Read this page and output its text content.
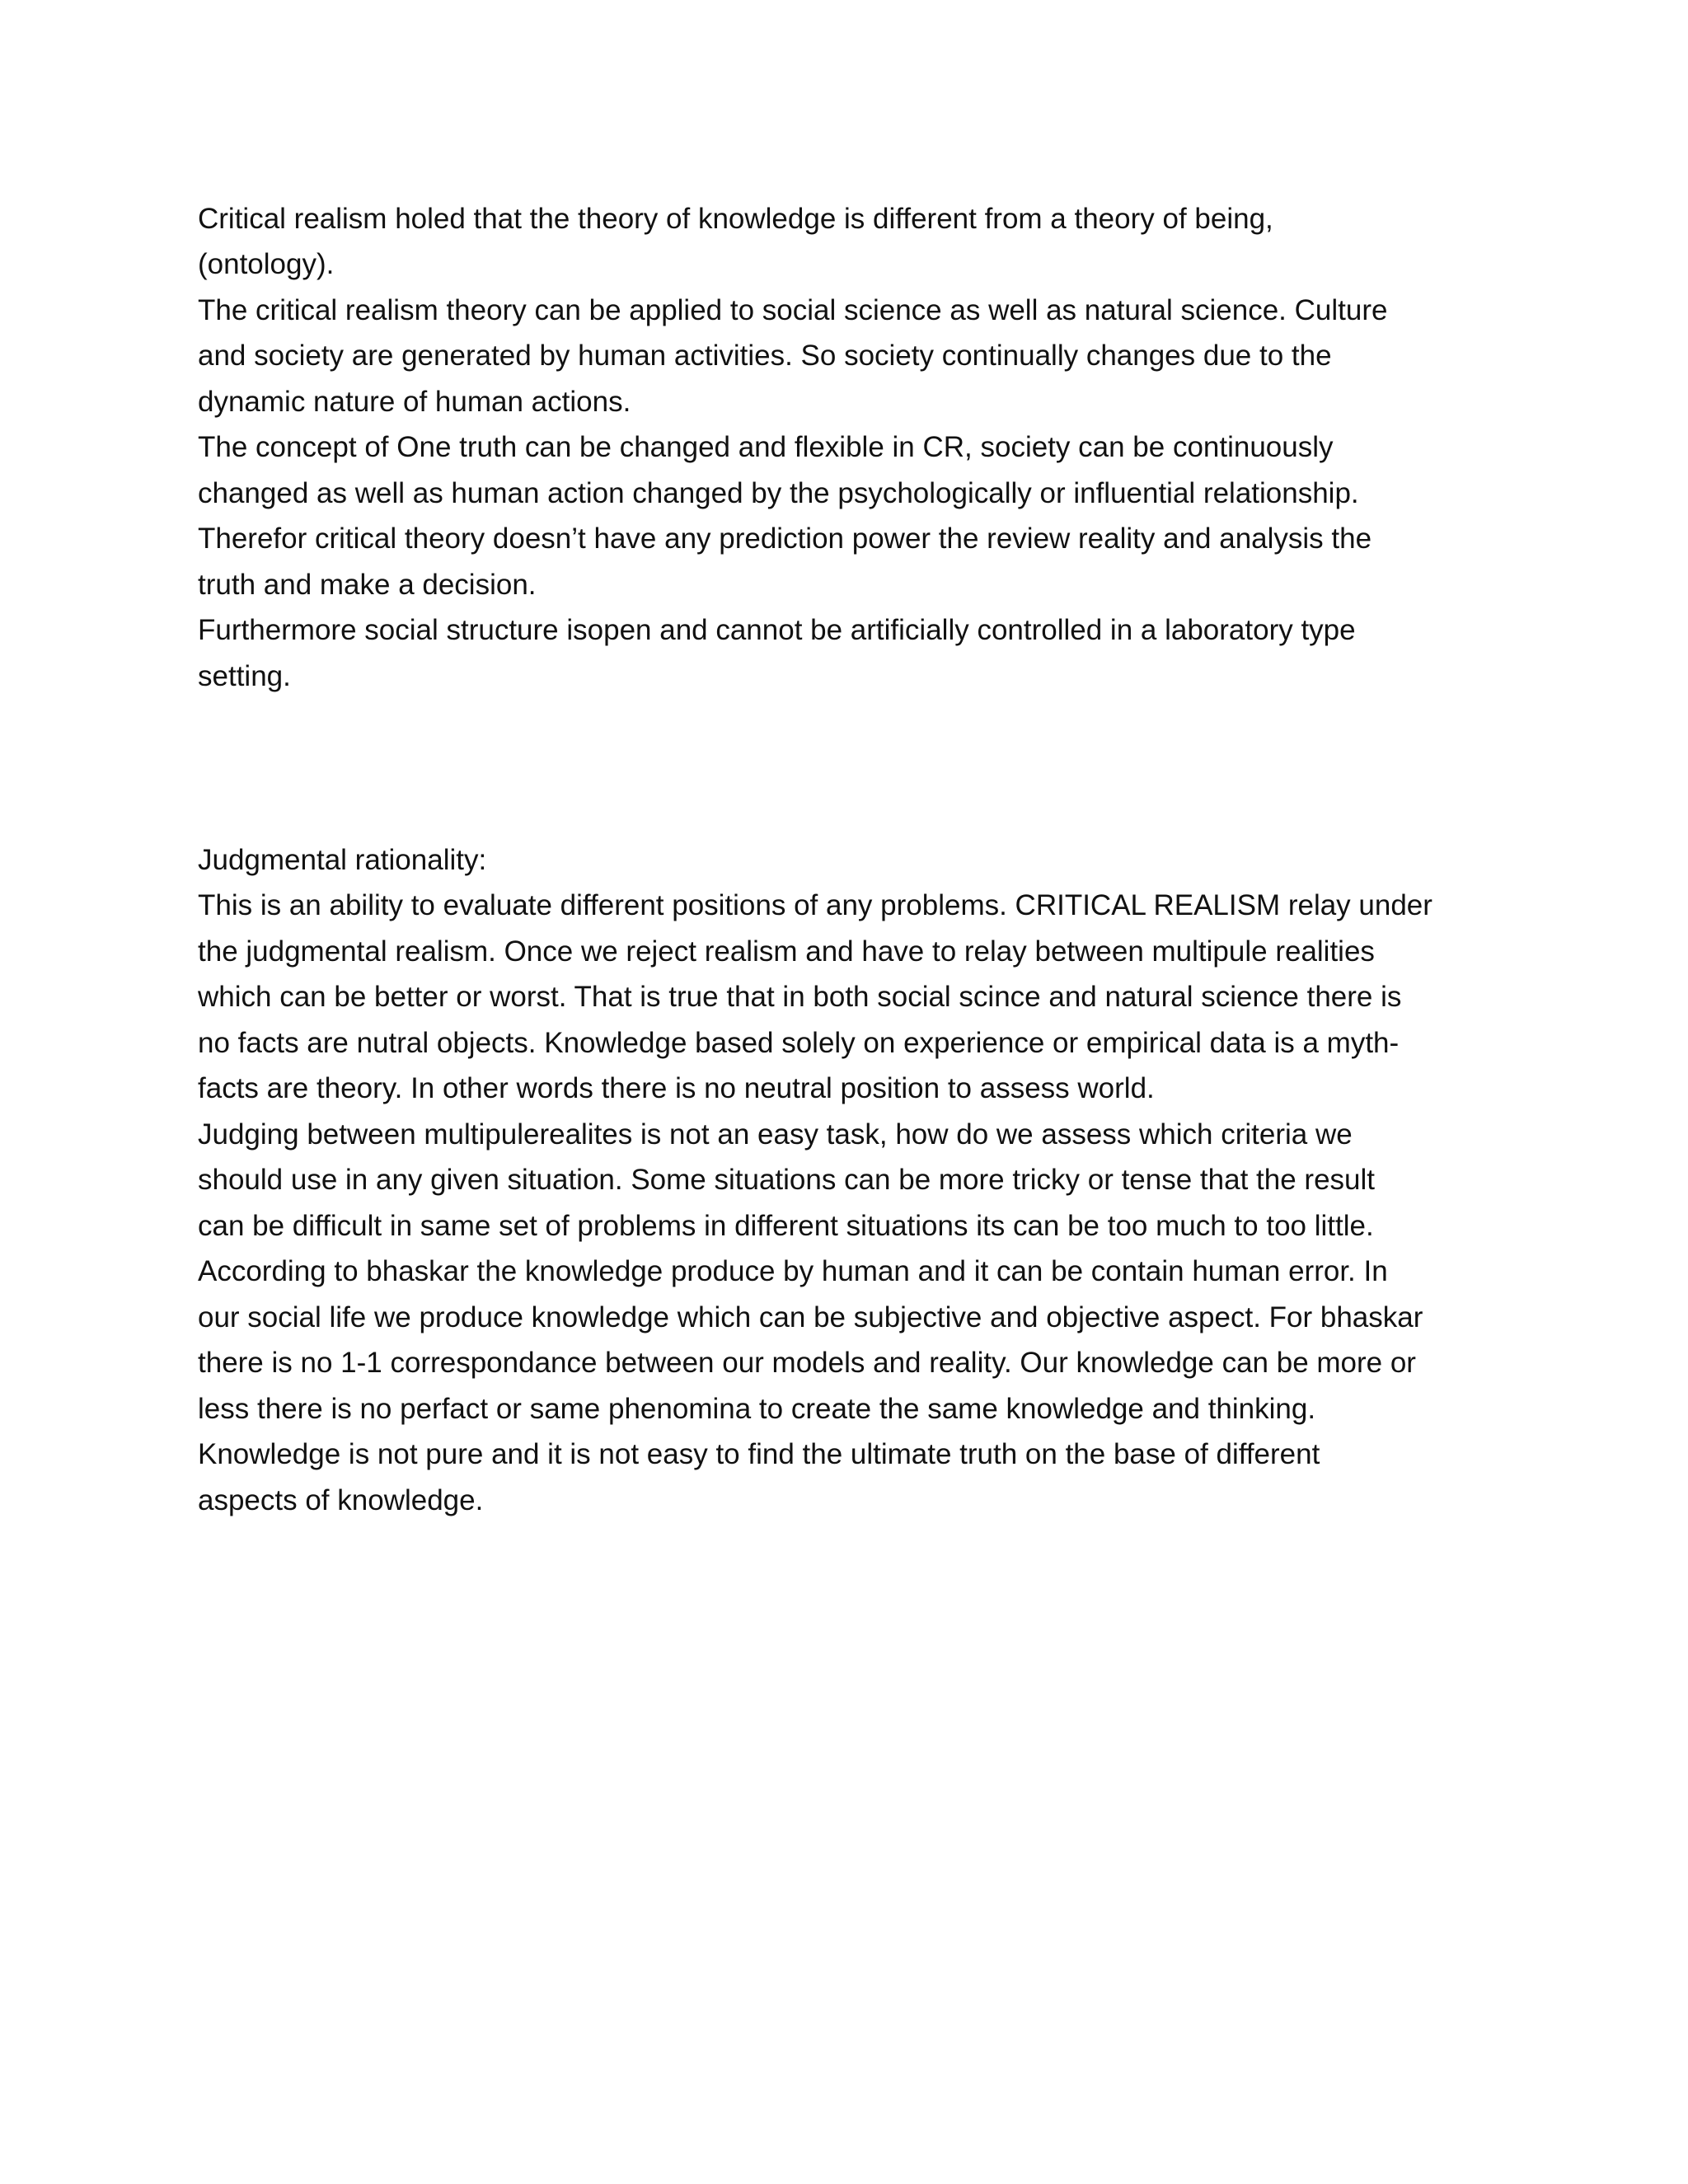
Critical realism holed that the theory of knowledge is different from a theory of being,

(ontology).

The critical realism theory can be applied to social science as well as natural science. Culture

and society are generated by human activities. So society continually changes due to the

dynamic nature of human actions.

The concept of One truth can be changed and flexible in CR, society can be continuously

changed as well as human action changed by the psychologically or influential relationship.

Therefor critical theory doesn’t have any prediction power the review reality and analysis the

truth and make a decision.

Furthermore social structure isopen and cannot be artificially controlled in a laboratory type

setting.

Judgmental rationality:

This is an ability to evaluate different positions of any problems. CRITICAL REALISM relay under

the judgmental realism. Once we reject realism and have to relay between multipule realities

which can be better or worst. That is true that in both social scince and natural science there is

no facts are nutral objects. Knowledge based solely on experience or empirical data is a myth-

facts are theory. In other words there is no neutral position to assess world.

Judging between multipulerealites is not an easy task, how do we assess which criteria we

should use in any given situation. Some situations can be more tricky or tense that the result

can be difficult in same set of problems in different situations its can be too much to too little.

According to bhaskar the knowledge produce by human and it can be contain human error. In

our social life we produce knowledge which can be subjective and objective aspect. For bhaskar

there is no 1-1 correspondance between our models and reality. Our knowledge can be more or

less there is no perfact or same phenomina to create the same knowledge and thinking.

Knowledge is not pure and it is not easy to find the ultimate truth on the base of different

aspects of knowledge.
